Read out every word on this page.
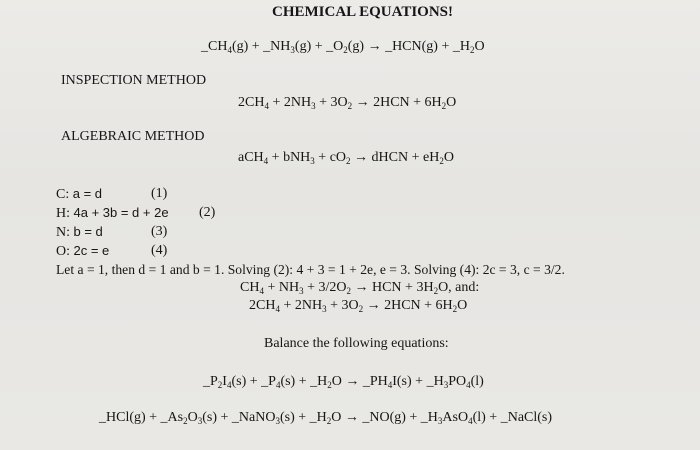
CHEMICAL EQUATIONS!
$\_CH_4(g)$ + $\_NH_3(g)$ + $\_O_2(g)$ → _HCN(g) + $\_H_2O$
INSPECTION METHOD
$2CH_4 + 2NH_3 + 3O_2 \to 2HCN + 6H_2O$
ALGEBRAIC METHOD
$aCH_4 + bNH_3 + cO_2$ → dHCN + $eH_2O$
C: a = d	(1)
H: 4a + 3b = d + 2e (2)
N: b = d	(3)
O: 2c = e	(4)
Let a = 1, then d = 1 and b = 1. Solving (2): 4 + 3 = 1 + 2e, e = 3. Solving (4): 2c = 3, c = 3/2.
$CH_4 + NH_3 + 3/2O_2$ → HCN + $3H_2O$, and:
$2CH_4 + 2NH_3 + 3O_2 \to 2HCN + 6H_2O$
Balance the following equations:
$\_P_2I_4(s)$ + $\_P_4(s)$ + $\_H_2O$ → $\_PH_4I(s)$ + $\_H_3PO_4(l)$
_HCl(g) + $\_As_2O_3(s)$ + _NaNO$_3$(s) + $\_H_2O$ → _NO(g) + $\_H_3AsO_4(l)$ + _NaCl(s)
